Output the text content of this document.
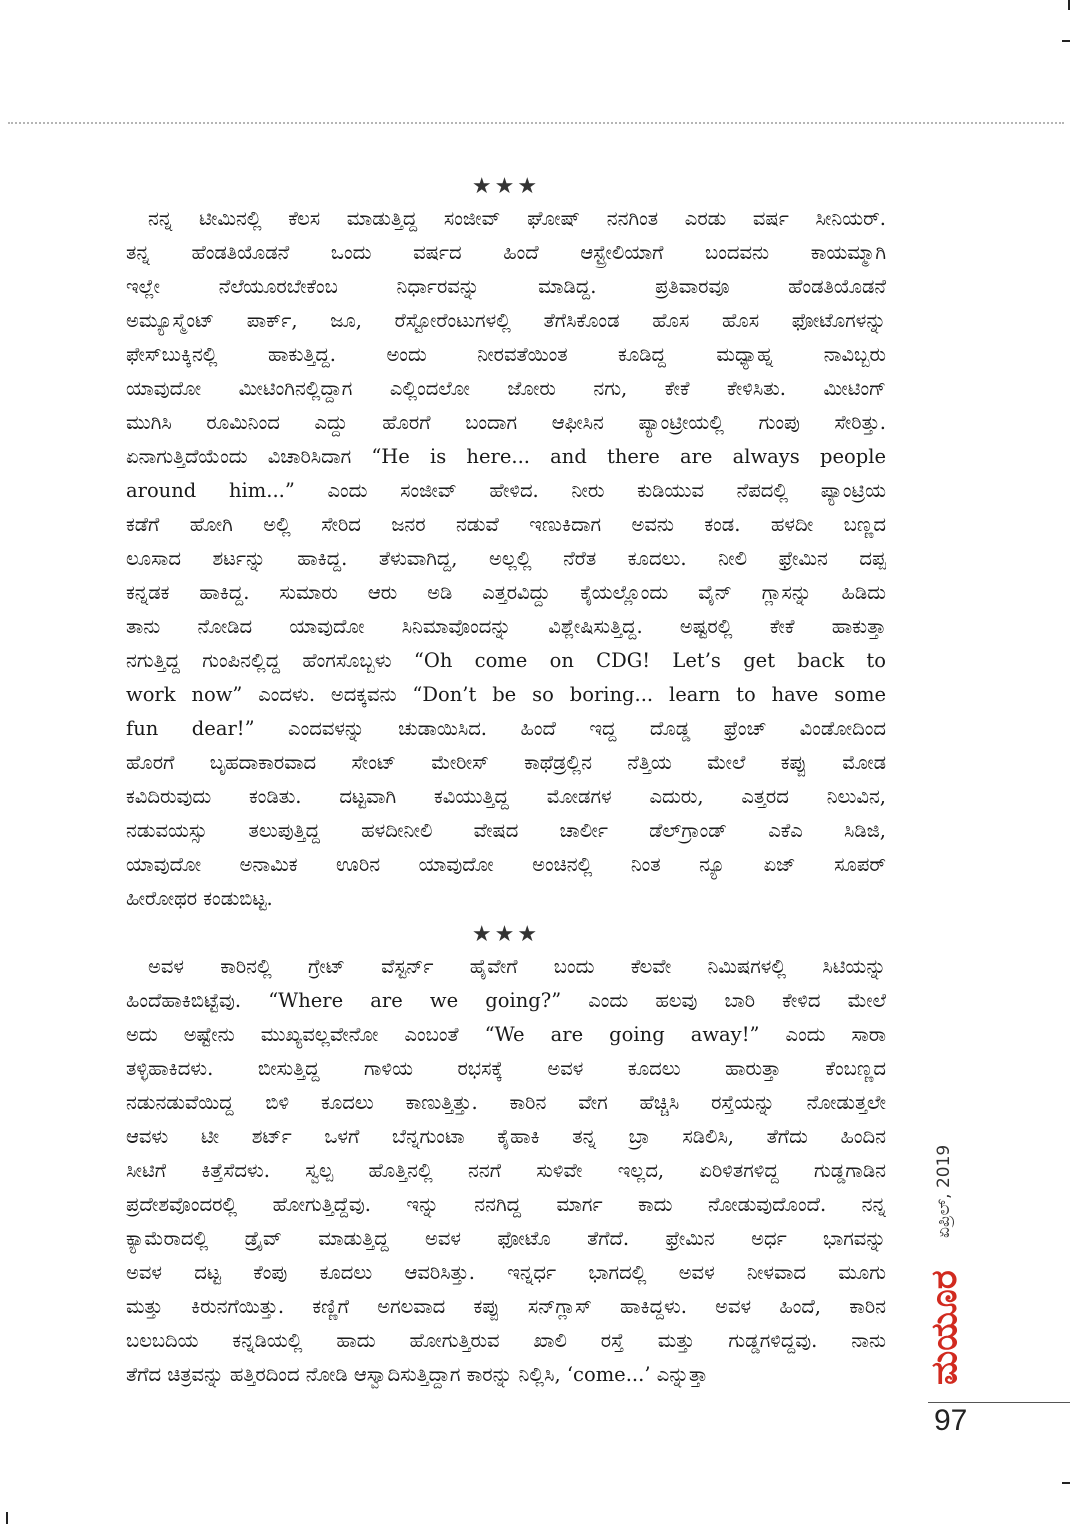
★★★
ನನ್ನ ಟೀಮಿನಲ್ಲಿ ಕೆಲಸ ಮಾಡುತ್ತಿದ್ದ ಸಂಜೀವ್ ಘೋಷ್ ನನಗಿಂತ ಎರಡು ವರ್ಷ ಸೀನಿಯರ್.
ತನ್ನ ಹೆಂಡತಿಯೊಡನೆ ಒಂದು ವರ್ಷದ ಹಿಂದೆ ಆಸ್ಟ್ರೇಲಿಯಾಗೆ ಬಂದವನು ಕಾಯಮ್ಮಾಗಿ
ಇಲ್ಲೇ ನೆಲೆಯೂರಬೇಕೆಂಬ ನಿರ್ಧಾರವನ್ನು ಮಾಡಿದ್ದ. ಪ್ರತಿವಾರವೂ ಹೆಂಡತಿಯೊಡನೆ
ಅಮ್ಯೂಸ್ಮೆಂಟ್ ಪಾರ್ಕ್, ಜೂ, ರೆಸ್ಟೋರೆಂಟುಗಳಲ್ಲಿ ತೆಗೆಸಿಕೊಂಡ ಹೊಸ ಹೊಸ ಫೋಟೊಗಳನ್ನು
ಫೇಸ್‌ಬುಕ್ಕಿನಲ್ಲಿ ಹಾಕುತ್ತಿದ್ದ. ಅಂದು ನೀರವತೆಯಿಂತ ಕೂಡಿದ್ದ ಮಧ್ಯಾಹ್ನ ನಾವಿಬ್ಬರು
ಯಾವುದೋ ಮೀಟಿಂಗಿನಲ್ಲಿದ್ದಾಗ ಎಲ್ಲಿಂದಲೋ ಜೋರು ನಗು, ಕೇಕೆ ಕೇಳಿಸಿತು. ಮೀಟಿಂಗ್
ಮುಗಿಸಿ ರೂಮಿನಿಂದ ಎದ್ದು ಹೊರಗೆ ಬಂದಾಗ ಆಫೀಸಿನ ಪ್ಯಾಂಟ್ರೀಯಲ್ಲಿ ಗುಂಪು ಸೇರಿತ್ತು.
ಏನಾಗುತ್ತಿದೆಯೆಂದು ವಿಚಾರಿಸಿದಾಗ “He is here... and there are always people
around him...” ಎಂದು ಸಂಜೀವ್ ಹೇಳಿದ. ನೀರು ಕುಡಿಯುವ ನೆಪದಲ್ಲಿ ಪ್ಯಾಂಟ್ರಿಯ
ಕಡೆಗೆ ಹೋಗಿ ಅಲ್ಲಿ ಸೇರಿದ ಜನರ ನಡುವೆ ಇಣುಕಿದಾಗ ಅವನು ಕಂಡ. ಹಳದೀ ಬಣ್ಣದ
ಲೂಸಾದ ಶರ್ಟನ್ನು ಹಾಕಿದ್ದ. ತೆಳುವಾಗಿದ್ದ, ಅಲ್ಲಲ್ಲಿ ನೆರೆತ ಕೂದಲು. ನೀಲಿ ಫ್ರೇಮಿನ ದಪ್ಪ
ಕನ್ನಡಕ ಹಾಕಿದ್ದ. ಸುಮಾರು ಆರು ಅಡಿ ಎತ್ತರವಿದ್ದು ಕೈಯಲ್ಲೊಂದು ವೈನ್ ಗ್ಲಾಸನ್ನು ಹಿಡಿದು
ತಾನು ನೋಡಿದ ಯಾವುದೋ ಸಿನಿಮಾವೊಂದನ್ನು ವಿಶ್ಲೇಷಿಸುತ್ತಿದ್ದ. ಅಷ್ಟರಲ್ಲಿ ಕೇಕೆ ಹಾಕುತ್ತಾ
ನಗುತ್ತಿದ್ದ ಗುಂಪಿನಲ್ಲಿದ್ದ ಹೆಂಗಸೊಬ್ಬಳು “Oh come on CDG! Let’s get back to
work now” ಎಂದಳು. ಅದಕ್ಕವನು “Don’t be so boring... learn to have some
fun dear!” ಎಂದವಳನ್ನು ಚುಡಾಯಿಸಿದ. ಹಿಂದೆ ಇದ್ದ ದೊಡ್ಡ ಫ್ರೆಂಚ್ ವಿಂಡೋದಿಂದ
ಹೊರಗೆ ಬೃಹದಾಕಾರವಾದ ಸೇಂಟ್ ಮೇರೀಸ್ ಕಾಥೆಡ್ರಲ್ಲಿನ ನೆತ್ತಿಯ ಮೇಲೆ ಕಪ್ಪು ಮೋಡ
ಕವಿದಿರುವುದು ಕಂಡಿತು. ದಟ್ಟವಾಗಿ ಕವಿಯುತ್ತಿದ್ದ ಮೋಡಗಳ ಎದುರು, ಎತ್ತರದ ನಿಲುವಿನ,
ನಡುವಯಸ್ಸು ತಲುಪುತ್ತಿದ್ದ ಹಳದೀನೀಲಿ ವೇಷದ ಚಾರ್ಲೀ ಡೆಲ್‌ಗ್ರಾಂಡ್ ಎಕೆಎ ಸಿಡಿಜಿ,
ಯಾವುದೋ ಅನಾಮಿಕ ಊರಿನ ಯಾವುದೋ ಅಂಚಿನಲ್ಲಿ ನಿಂತ ನ್ಯೂ ಏಜ್ ಸೂಪರ್
ಹೀರೋಥರ ಕಂಡುಬಿಟ್ಟ.
★★★
ಅವಳ ಕಾರಿನಲ್ಲಿ ಗ್ರೇಟ್ ವೆಸ್ಟರ್ನ್ ಹೈವೇಗೆ ಬಂದು ಕೆಲವೇ ನಿಮಿಷಗಳಲ್ಲಿ ಸಿಟಿಯನ್ನು
ಹಿಂದೆಹಾಕಿಬಿಟ್ಟೆವು. “Where are we going?” ಎಂದು ಹಲವು ಬಾರಿ ಕೇಳಿದ ಮೇಲೆ
ಅದು ಅಷ್ಟೇನು ಮುಖ್ಯವಲ್ಲವೇನೋ ಎಂಬಂತೆ “We are going away!” ಎಂದು ಸಾರಾ
ತಳ್ಳಿಹಾಕಿದಳು. ಬೀಸುತ್ತಿದ್ದ ಗಾಳಿಯ ರಭಸಕ್ಕೆ ಅವಳ ಕೂದಲು ಹಾರುತ್ತಾ ಕೆಂಬಣ್ಣದ
ನಡುನಡುವೆಯಿದ್ದ ಬಿಳಿ ಕೂದಲು ಕಾಣುತ್ತಿತ್ತು. ಕಾರಿನ ವೇಗ ಹೆಚ್ಚಿಸಿ ರಸ್ತೆಯನ್ನು ನೋಡುತ್ತಲೇ
ಆವಳು ಟೀ ಶರ್ಟ್ ಒಳಗೆ ಬೆನ್ನಗುಂಟಾ ಕೈಹಾಕಿ ತನ್ನ ಬ್ರಾ ಸಡಿಲಿಸಿ, ತೆಗೆದು ಹಿಂದಿನ
ಸೀಟಿಗೆ ಕಿತ್ತೆಸೆದಳು. ಸ್ವಲ್ಪ ಹೊತ್ತಿನಲ್ಲಿ ನನಗೆ ಸುಳಿವೇ ಇಲ್ಲದ, ಏರಿಳಿತಗಳಿದ್ದ ಗುಡ್ಡಗಾಡಿನ
ಪ್ರದೇಶವೊಂದರಲ್ಲಿ ಹೋಗುತ್ತಿದ್ದೆವು. ಇನ್ನು ನನಗಿದ್ದ ಮಾರ್ಗ ಕಾದು ನೋಡುವುದೊಂದೆ. ನನ್ನ
ಕ್ಯಾಮೆರಾದಲ್ಲಿ ಡ್ರೈವ್ ಮಾಡುತ್ತಿದ್ದ ಅವಳ ಫೋಟೊ ತೆಗೆದೆ. ಫ್ರೇಮಿನ ಅರ್ಧ ಭಾಗವನ್ನು
ಅವಳ ದಟ್ಟ ಕೆಂಪು ಕೂದಲು ಆವರಿಸಿತ್ತು. ಇನ್ನರ್ಧ ಭಾಗದಲ್ಲಿ ಅವಳ ನೀಳವಾದ ಮೂಗು
ಮತ್ತು ಕಿರುನಗೆಯಿತ್ತು. ಕಣ್ಣಿಗೆ ಅಗಲವಾದ ಕಪ್ಪು ಸನ್‌ಗ್ಲಾಸ್ ಹಾಕಿದ್ದಳು. ಅವಳ ಹಿಂದೆ, ಕಾರಿನ
ಬಲಬದಿಯ ಕನ್ನಡಿಯಲ್ಲಿ ಹಾದು ಹೋಗುತ್ತಿರುವ ಖಾಲಿ ರಸ್ತೆ ಮತ್ತು ಗುಡ್ಡಗಳಿದ್ದವು. ನಾನು
ತೆಗೆದ ಚಿತ್ರವನ್ನು ಹತ್ತಿರದಿಂದ ನೋಡಿ ಆಸ್ವಾದಿಸುತ್ತಿದ್ದಾಗ ಕಾರನ್ನು ನಿಲ್ಲಿಸಿ, ‘come...’ ಎನ್ನುತ್ತಾ
ಏಪ್ರಿಲ್, 2019
ಮಯೂರ
97
